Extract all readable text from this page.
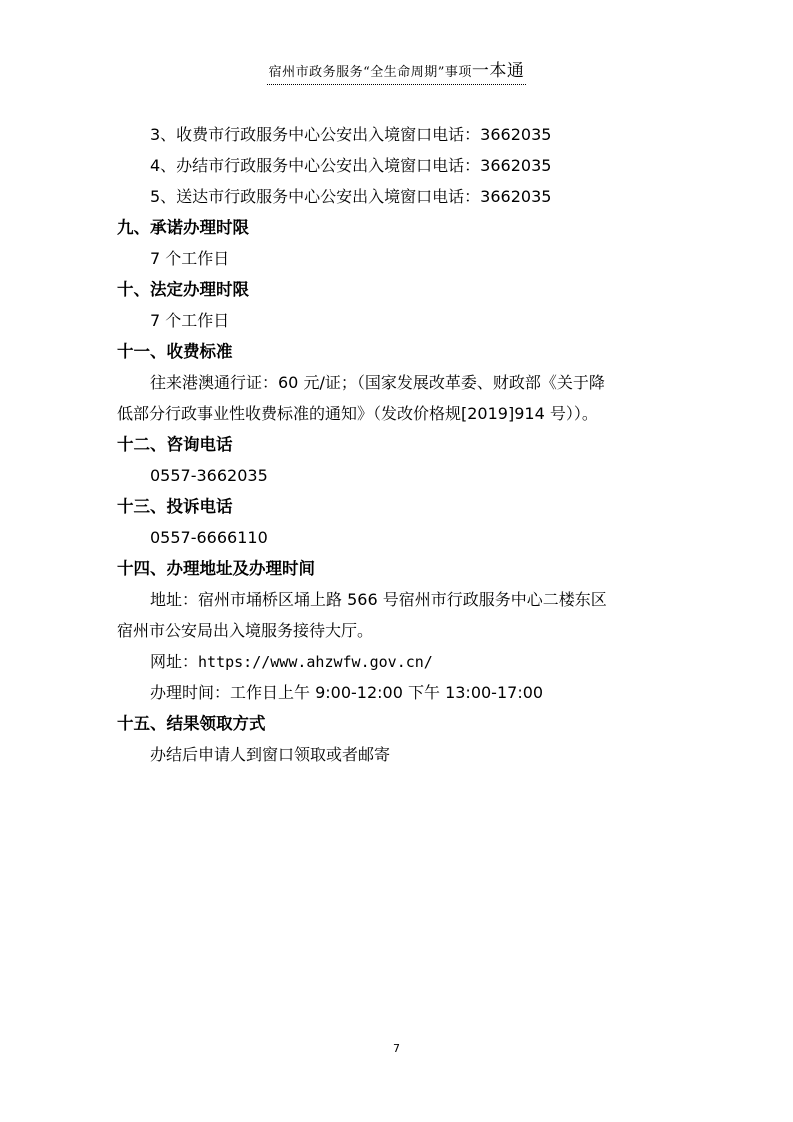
宿州市政务服务“全生命周期”事项一本通
3、收费市行政服务中心公安出入境窗口电话：3662035
4、办结市行政服务中心公安出入境窗口电话：3662035
5、送达市行政服务中心公安出入境窗口电话：3662035
九、承诺办理时限
7 个工作日
十、法定办理时限
7 个工作日
十一、收费标准
往来港澳通行证：60 元/证；（国家发展改革委、财政部《关于降
低部分行政事业性收费标准的通知》（发改价格规[2019]914 号））。
十二、咨询电话
0557-3662035
十三、投诉电话
0557-6666110
十四、办理地址及办理时间
地址：宿州市埇桥区埇上路 566 号宿州市行政服务中心二楼东区
宿州市公安局出入境服务接待大厅。
网址：https://www.ahzwfw.gov.cn/
办理时间：工作日上午 9:00-12:00 下午 13:00-17:00
十五、结果领取方式
办结后申请人到窗口领取或者邮寄
7
